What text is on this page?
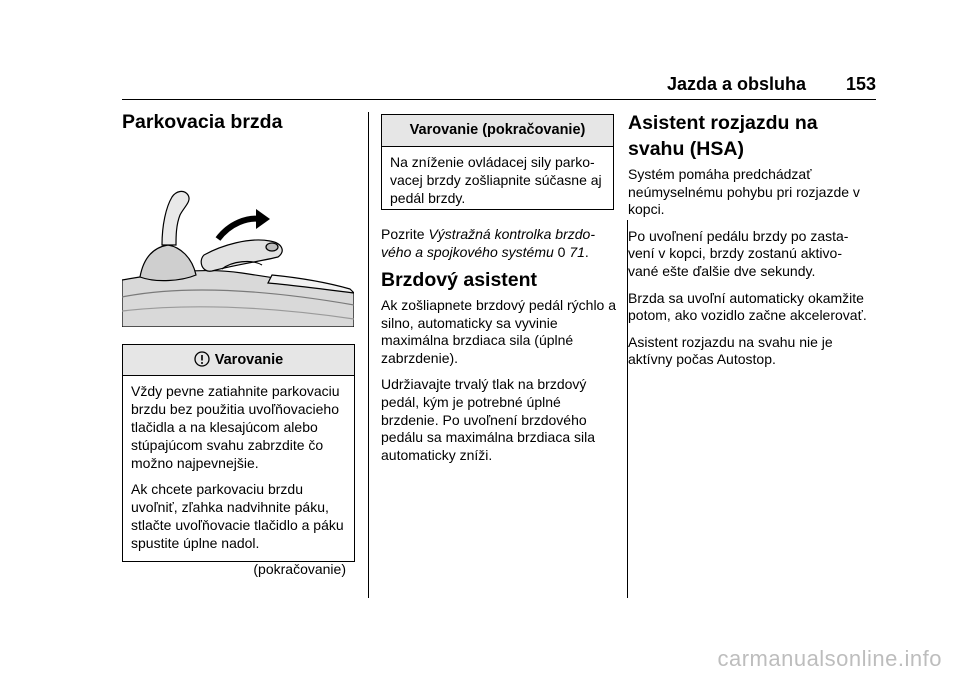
Jazda a obsluha 153
Parkovacia brzda
Varovanie

Vždy pevne zatiahnite parkovaciu brzdu bez použitia uvoľňovacieho tlačidla a na klesajúcom alebo stúpajúcom svahu zabrzdite čo možno najpevnejšie.

Ak chcete parkovaciu brzdu uvoľniť, zľahka nadvihnite páku, stlačte uvoľňovacie tlačidlo a páku spustite úplne nadol.

(pokračovanie)

Varovanie (pokračovanie)

Na zníženie ovládacej sily parko-vacej brzdy zošliapnite súčasne aj pedál brzdy.

Pozrite Výstražná kontrolka brzdo-vého a spojkového systému 0 71.
Brzdový asistent

Ak zošliapnete brzdový pedál rýchlo a silno, automaticky sa vyvinie maximálna brzdiaca sila (úplné zabrzdenie).

Udržiavajte trvalý tlak na brzdový pedál, kým je potrebné úplné brzdenie. Po uvoľnení brzdového pedálu sa maximálna brzdiaca sila automaticky zníži.

Asistent rozjazdu na svahu (HSA)

Systém pomáha predchádzať neúmyselnému pohybu pri rozjazde v kopci.

Po uvoľnení pedálu brzdy po zasta-vení v kopci, brzdy zostanú aktivo-vané ešte ďalšie dve sekundy.

Brzda sa uvoľní automaticky okamžite potom, ako vozidlo začne akcelerovať.

Asistent rozjazdu na svahu nie je aktívny počas Autostop.

carmanualsonline.info
